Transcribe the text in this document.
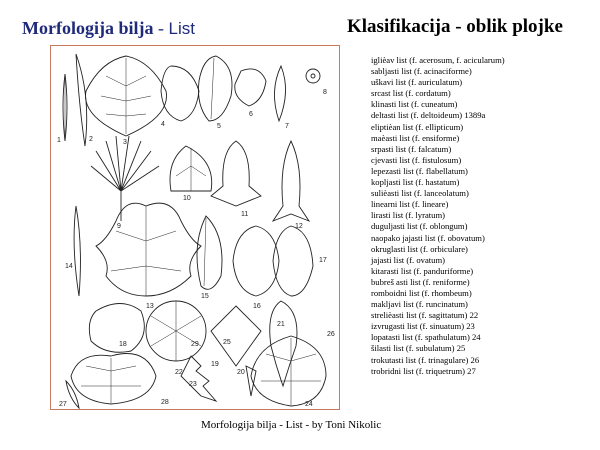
Morfologija bilja - List	Klasifikacija - oblik plojke
1	2	3
4	5
6
7
8
9
10
11
12
13
14
15
16
17
18
19
20
21
22
23
24
25
26
27	28
29
iglièav list (f. acerosum, f. acicularum)
sabljasti list (f. acinaciforme)
uškavi list (f. auriculatum)
srcast list (f. cordatum)
klinasti list (f. cuneatum)
deltasti list (f. deltoideum) 1389a
eliptièan list (f. ellipticum)
maèasti list (f. ensiforme)
srpasti list (f. falcatum)
cjevasti list (f. fistulosum)
lepezasti list (f. flabellatum)
kopljasti list (f. hastatum)
sulièasti list (f. lanceolatum)
linearni list (f. lineare)
lirasti list (f. lyratum)
duguljasti list (f. oblongum)
naopako jajasti list (f. obovatum)
okruglasti list (f. orbiculare)
jajasti list (f. ovatum)
kitarasti list (f. panduriforme)
bubreš asti list (f. reniforme)
romboidni list (f. rhombeum)
makljavi list (f. runcinatum)
strelièasti list (f. sagittatum) 22
izvrugasti list (f. sinuatum) 23
lopatasti list (f. spathulatum) 24
šilasti list (f. subulatum) 25
trokutasti list (f. trinagulare) 26
trobridni list (f. triquetrum) 27
Morfologija bilja - List - by Toni Nikolic
